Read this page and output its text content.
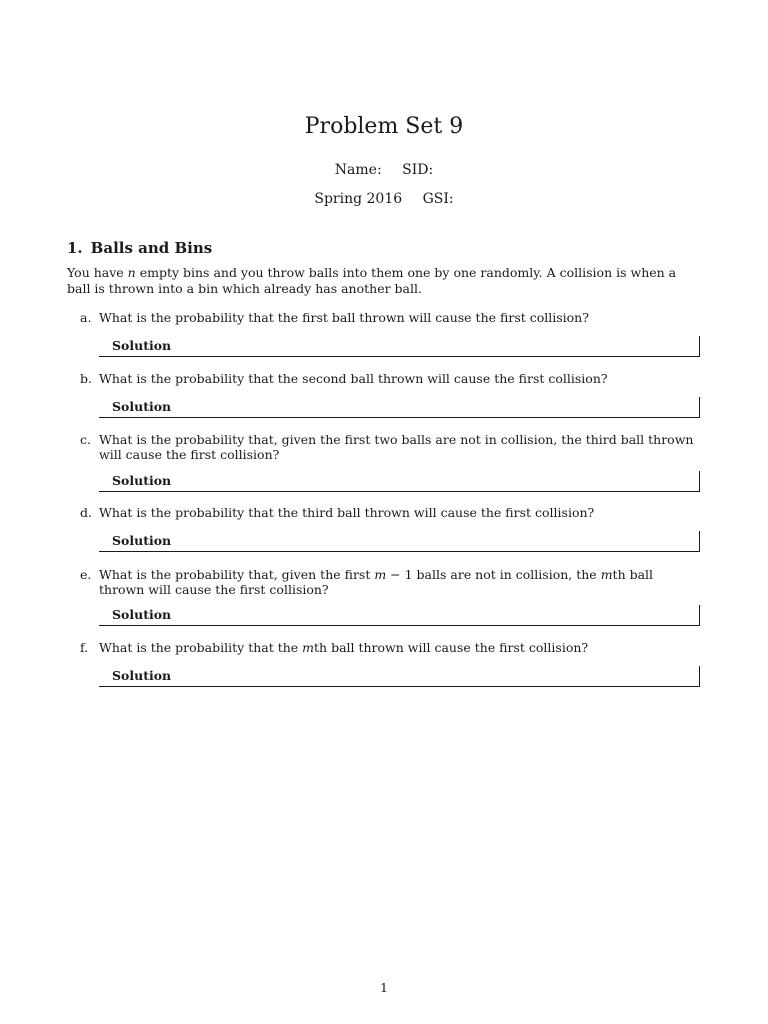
Problem Set 9
Name: SID:
Spring 2016 GSI:
1. Balls and Bins
You have n empty bins and you throw balls into them one by one randomly. A collision is when a ball is thrown into a bin which already has another ball.
a. What is the probability that the first ball thrown will cause the first collision?
Solution
b. What is the probability that the second ball thrown will cause the first collision?
Solution
c. What is the probability that, given the first two balls are not in collision, the third ball thrown will cause the first collision?
Solution
d. What is the probability that the third ball thrown will cause the first collision?
Solution
e. What is the probability that, given the first m − 1 balls are not in collision, the mth ball thrown will cause the first collision?
Solution
f. What is the probability that the mth ball thrown will cause the first collision?
Solution
1
